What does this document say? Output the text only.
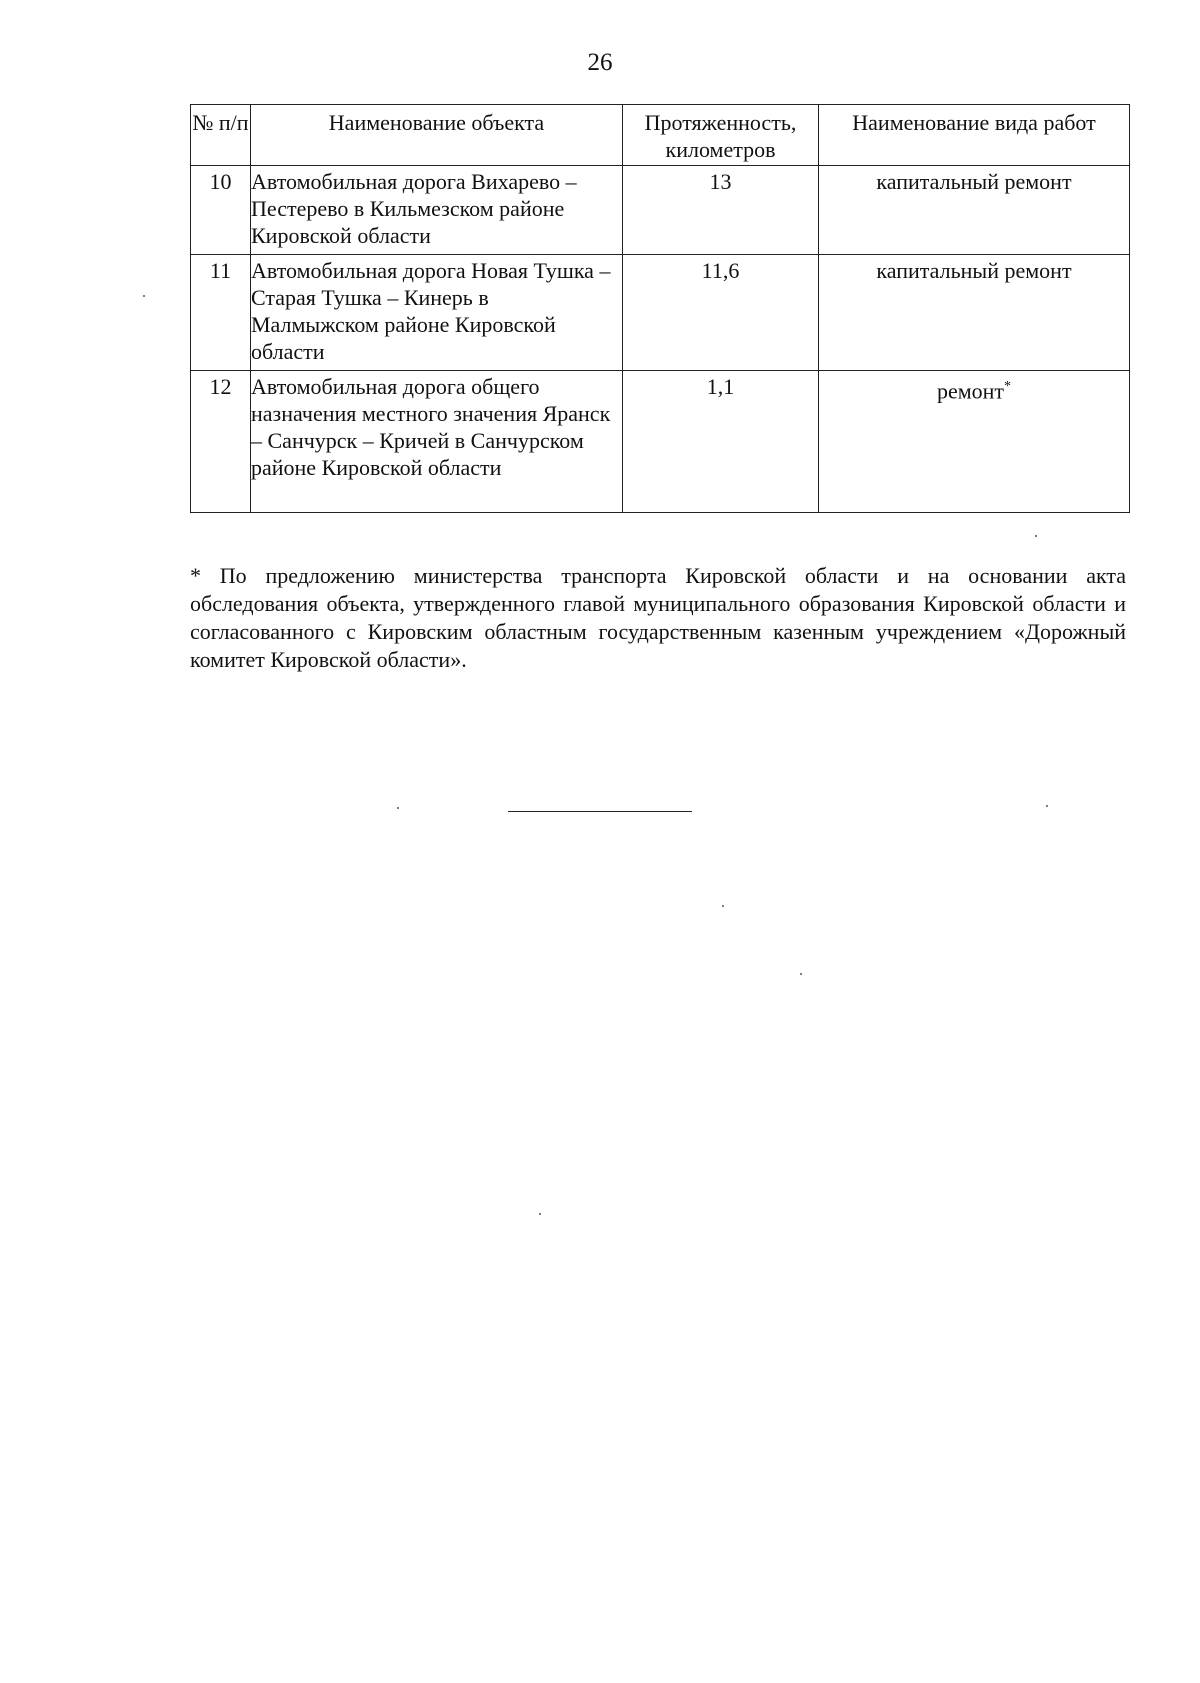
26
№ п/п	Наименование объекта	Протяженность, километров	Наименование вида работ
10	Автомобильная дорога Вихарево – Пестерево в Кильмезском районе Кировской области	13	капитальный ремонт
11	Автомобильная дорога Новая Тушка – Старая Тушка – Кинерь в Малмыжском районе Кировской области	11,6	капитальный ремонт
12	Автомобильная дорога общего назначения местного значения Яранск – Санчурск – Кричей в Санчурском районе Кировской области	1,1	ремонт*
* По предложению министерства транспорта Кировской области и на основании акта обследования объекта, утвержденного главой муниципального образования Кировской области и согласованного с Кировским областным государственным казенным учреждением «Дорожный комитет Кировской области».
